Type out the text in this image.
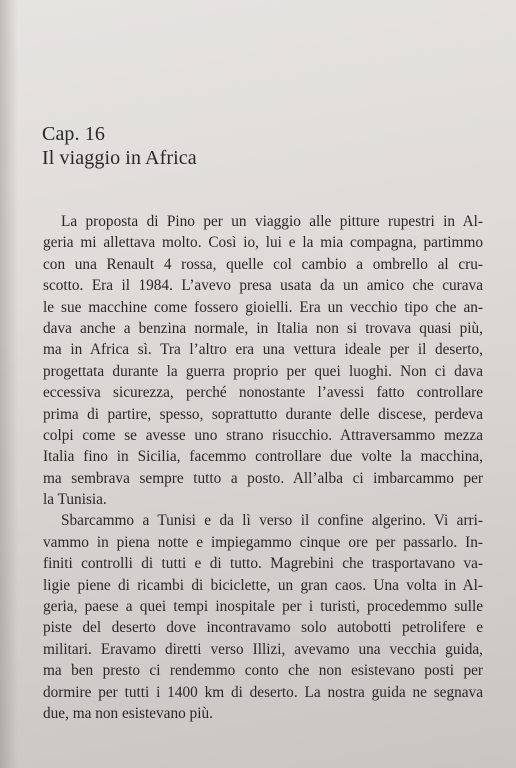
Cap. 16
Il viaggio in Africa
La proposta di Pino per un viaggio alle pitture rupestri in Al-
geria mi allettava molto. Così io, lui e la mia compagna, partimmo
con una Renault 4 rossa, quelle col cambio a ombrello al cru-
scotto. Era il 1984. L’avevo presa usata da un amico che curava
le sue macchine come fossero gioielli. Era un vecchio tipo che an-
dava anche a benzina normale, in Italia non si trovava quasi più,
ma in Africa sì. Tra l’altro era una vettura ideale per il deserto,
progettata durante la guerra proprio per quei luoghi. Non ci dava
eccessiva sicurezza, perché nonostante l’avessi fatto controllare
prima di partire, spesso, soprattutto durante delle discese, perdeva
colpi come se avesse uno strano risucchio. Attraversammo mezza
Italia fino in Sicilia, facemmo controllare due volte la macchina,
ma sembrava sempre tutto a posto. All’alba ci imbarcammo per
la Tunisia.
Sbarcammo a Tunisi e da lì verso il confine algerino. Vi arri-
vammo in piena notte e impiegammo cinque ore per passarlo. In-
finiti controlli di tutti e di tutto. Magrebini che trasportavano va-
ligie piene di ricambi di biciclette, un gran caos. Una volta in Al-
geria, paese a quei tempi inospitale per i turisti, procedemmo sulle
piste del deserto dove incontravamo solo autobotti petrolifere e
militari. Eravamo diretti verso Illizi, avevamo una vecchia guida,
ma ben presto ci rendemmo conto che non esistevano posti per
dormire per tutti i 1400 km di deserto. La nostra guida ne segnava
due, ma non esistevano più.
